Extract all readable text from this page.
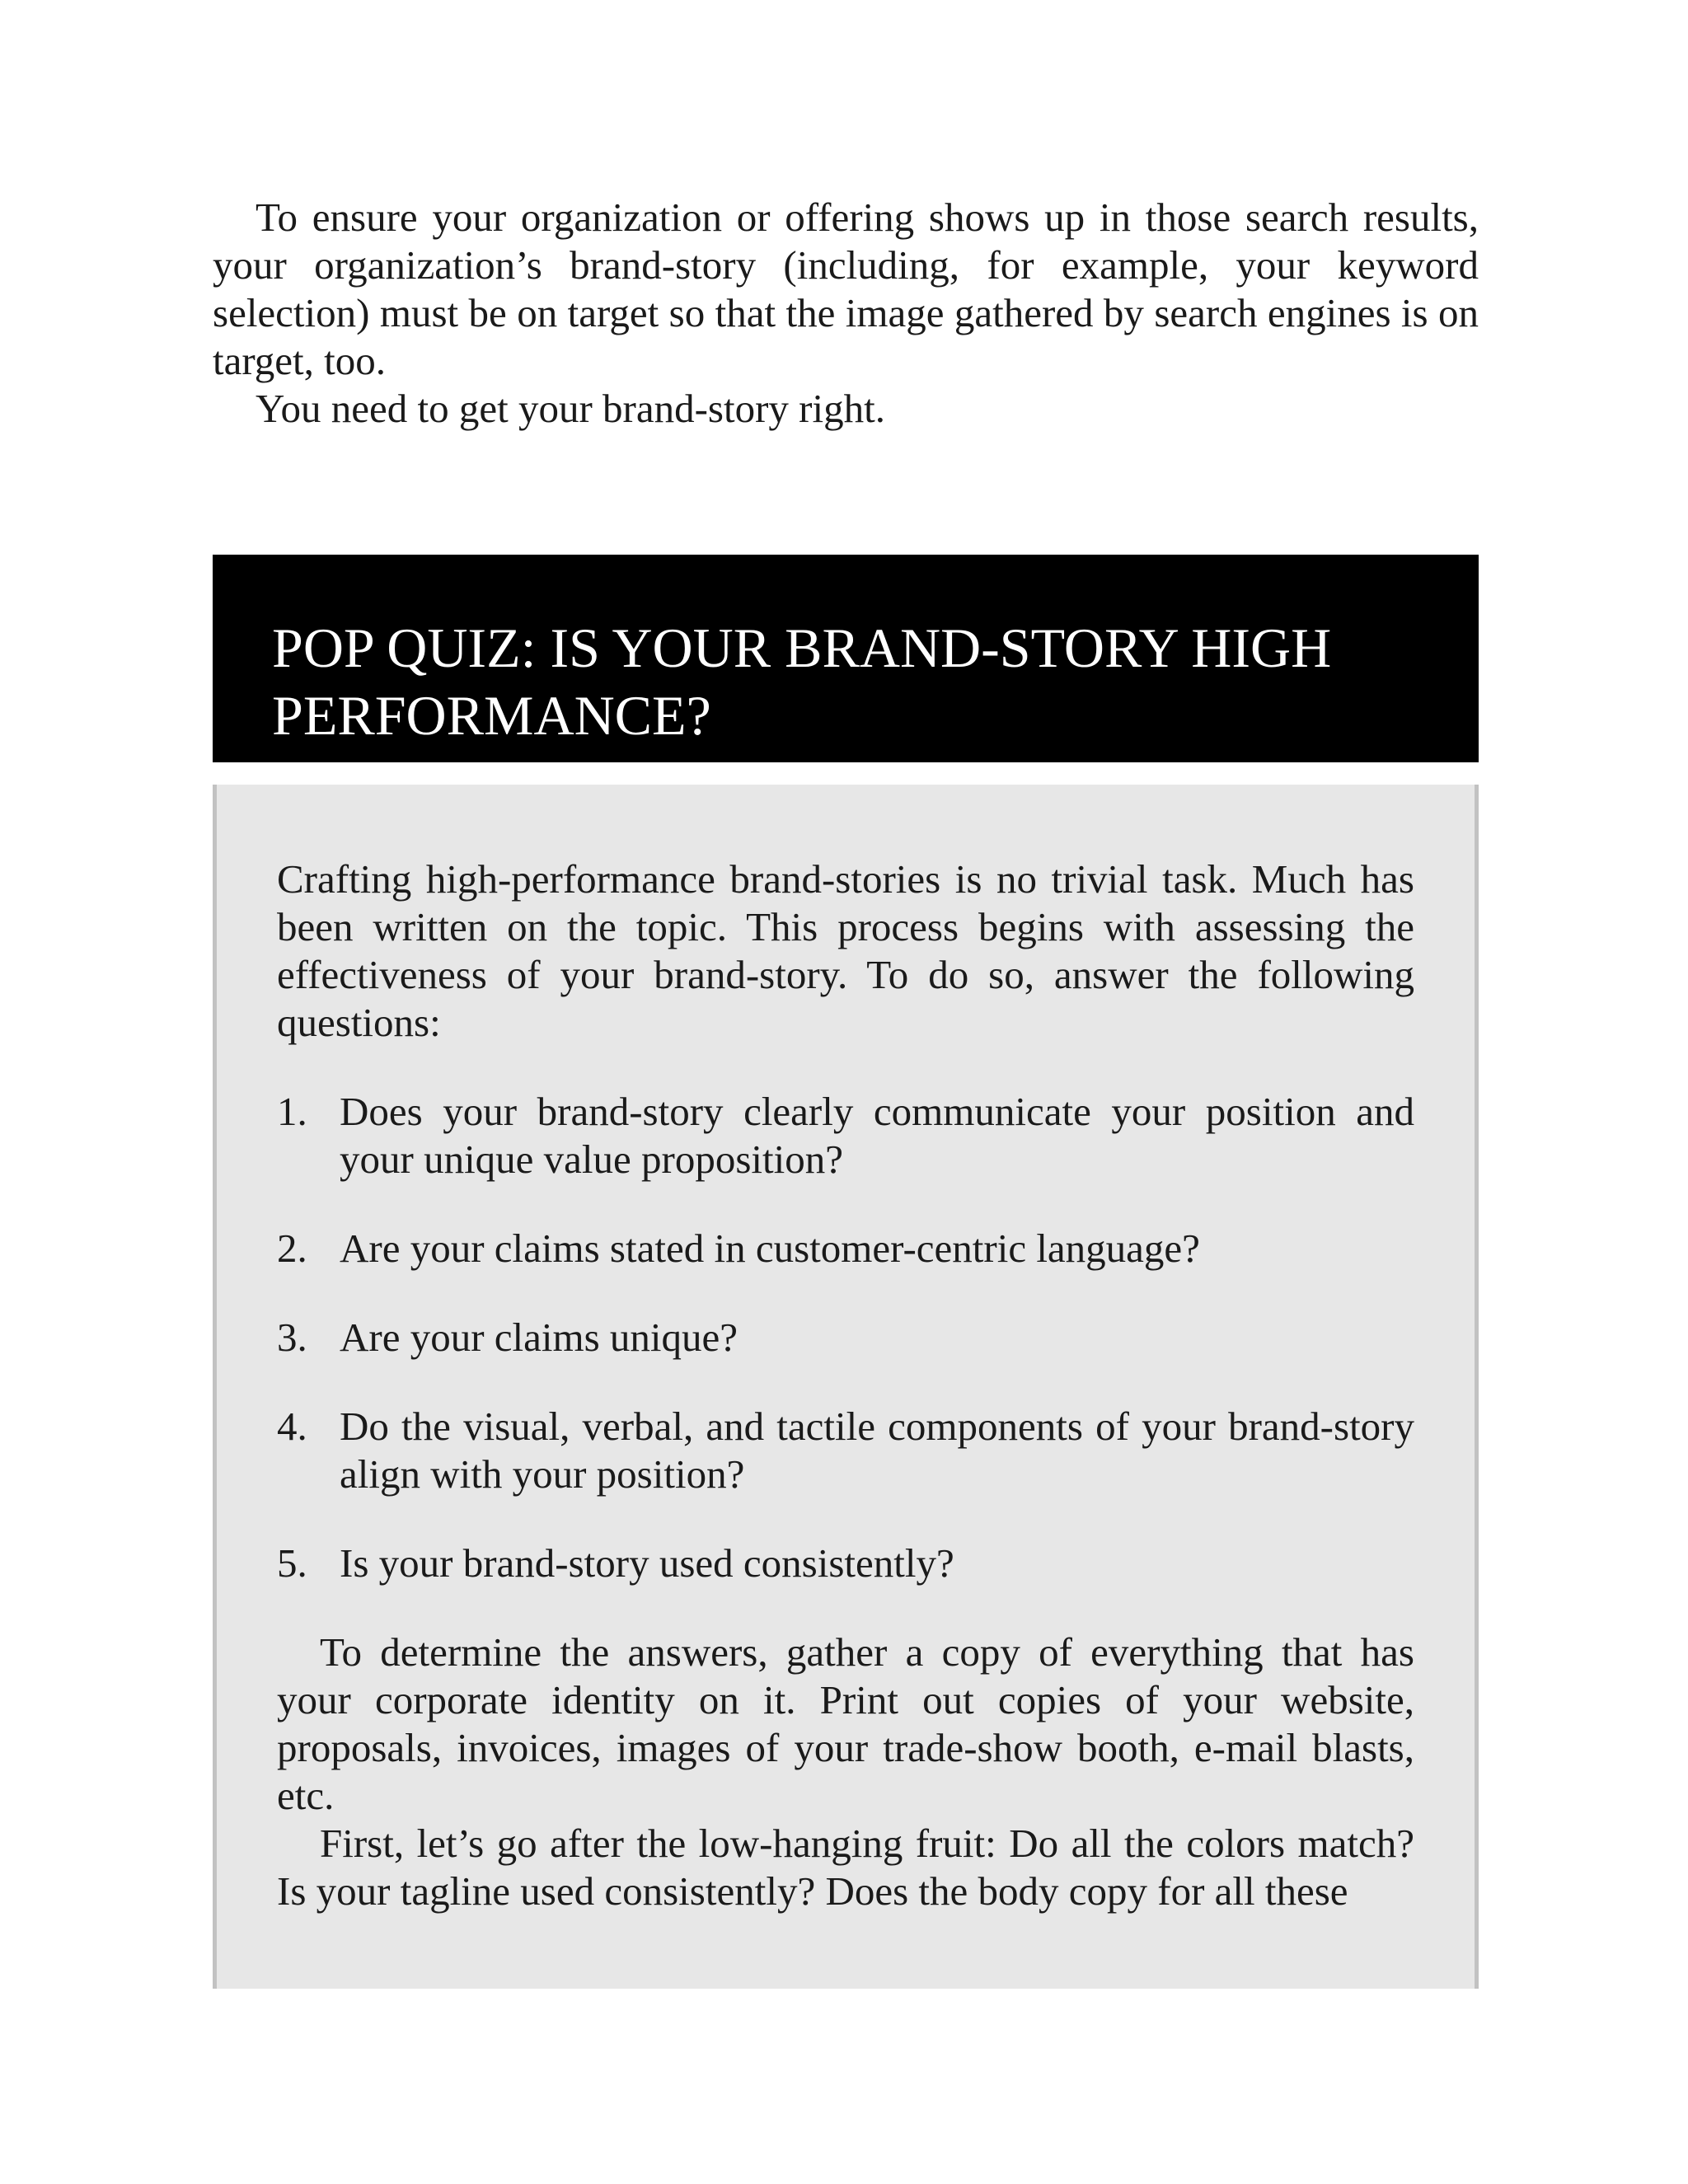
To ensure your organization or offering shows up in those search results, your organization’s brand-story (including, for example, your keyword selection) must be on target so that the image gathered by search engines is on target, too.

You need to get your brand-story right.

POP QUIZ: IS YOUR BRAND-STORY HIGH PERFORMANCE?

Crafting high-performance brand-stories is no trivial task. Much has been written on the topic. This process begins with assessing the effectiveness of your brand-story. To do so, answer the following questions:

1. Does your brand-story clearly communicate your position and your unique value proposition?
2. Are your claims stated in customer-centric language?
3. Are your claims unique?
4. Do the visual, verbal, and tactile components of your brand-story align with your position?
5. Is your brand-story used consistently?

To determine the answers, gather a copy of everything that has your corporate identity on it. Print out copies of your website, proposals, invoices, images of your trade-show booth, e-mail blasts, etc.

First, let’s go after the low-hanging fruit: Do all the colors match? Is your tagline used consistently? Does the body copy for all these
